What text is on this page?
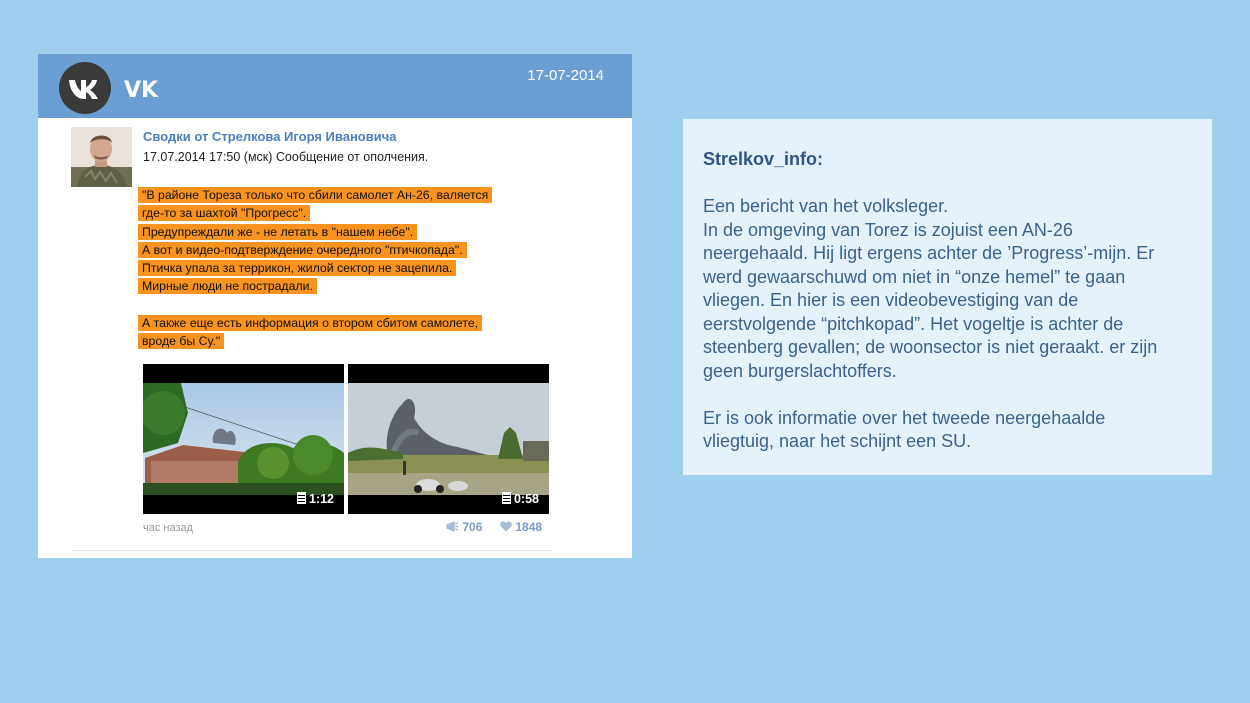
VK
17-07-2014
Сводки от Стрелкова Игоря Ивановича
17.07.2014 17:50 (мск) Сообщение от ополчения.
"В районе Тореза только что сбили самолет Ан-26, валяется
где-то за шахтой "Прогресс".
Предупреждали же - не летать в "нашем небе".
А вот и видео-подтверждение очередного "птичкопада".
Птичка упала за террикон, жилой сектор не зацепила.
Мирные люди не пострадали.
А также еще есть информация о втором сбитом самолете,
вроде бы Су."
1:12	0:58
час назад	706	1848
Strelkov_info:

Een bericht van het volksleger.

In de omgeving van Torez is zojuist een AN-26

neergehaald. Hij ligt ergens achter de ’Progress’-mijn. Er

werd gewaarschuwd om niet in “onze hemel” te gaan

vliegen. En hier is een videobevestiging van de

eerstvolgende “pitchkopad”. Het vogeltje is achter de

steenberg gevallen; de woonsector is niet geraakt. er zijn

geen burgerslachtoffers.

Er is ook informatie over het tweede neergehaalde

vliegtuig, naar het schijnt een SU.
